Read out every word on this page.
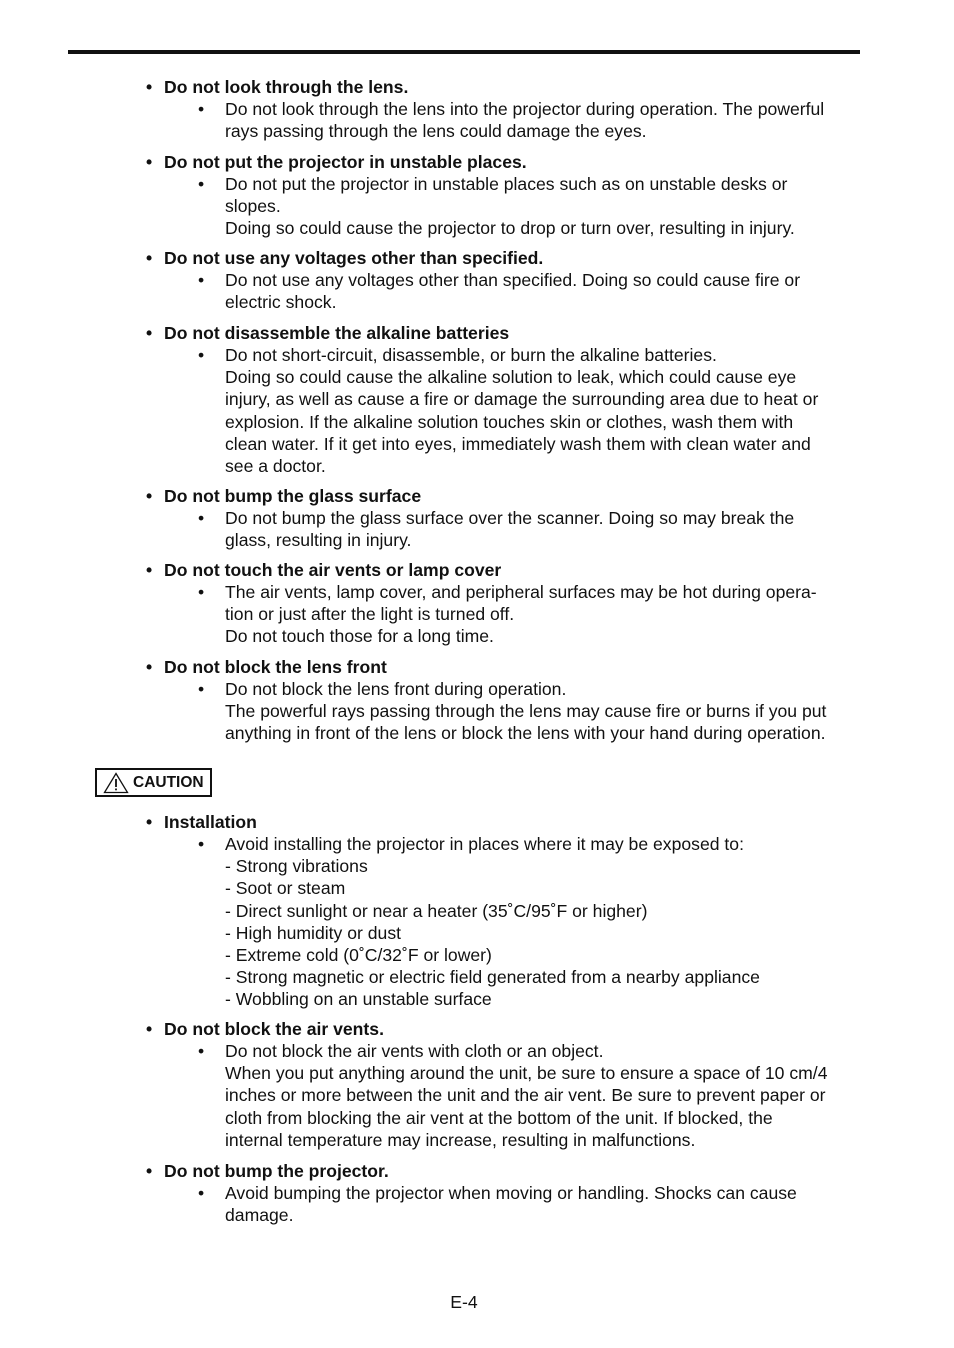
• Do not look through the lens.
• Do not look through the lens into the projector during operation. The powerful

rays passing through the lens could damage the eyes.

• Do not put the projector in unstable places.
• Do not put the projector in unstable places such as on unstable desks or

slopes.

Doing so could cause the projector to drop or turn over, resulting in injury.

• Do not use any voltages other than specified.
• Do not use any voltages other than specified. Doing so could cause fire or

electric shock.

• Do not disassemble the alkaline batteries
• Do not short-circuit, disassemble, or burn the alkaline batteries.

Doing so could cause the alkaline solution to leak, which could cause eye

injury, as well as cause a fire or damage the surrounding area due to heat or

explosion. If the alkaline solution touches skin or clothes, wash them with

clean water. If it get into eyes, immediately wash them with clean water and

see a doctor.

• Do not bump the glass surface
• Do not bump the glass surface over the scanner. Doing so may break the

glass, resulting in injury.

• Do not touch the air vents or lamp cover
• The air vents, lamp cover, and peripheral surfaces may be hot during opera-

tion or just after the light is turned off.

Do not touch those for a long time.

• Do not block the lens front
• Do not block the lens front during operation.

The powerful rays passing through the lens may cause fire or burns if you put

anything in front of the lens or block the lens with your hand during operation.

CAUTION
• Installation
• Avoid installing the projector in places where it may be exposed to:

- Strong vibrations

- Soot or steam

- Direct sunlight or near a heater (35˚C/95˚F or higher)

- High humidity or dust

- Extreme cold (0˚C/32˚F or lower)

- Strong magnetic or electric field generated from a nearby appliance

- Wobbling on an unstable surface

• Do not block the air vents.
• Do not block the air vents with cloth or an object.

When you put anything around the unit, be sure to ensure a space of 10 cm/4

inches or more between the unit and the air vent. Be sure to prevent paper or

cloth from blocking the air vent at the bottom of the unit. If blocked, the

internal temperature may increase, resulting in malfunctions.

• Do not bump the projector.
• Avoid bumping the projector when moving or handling. Shocks can cause

damage.

E-4
